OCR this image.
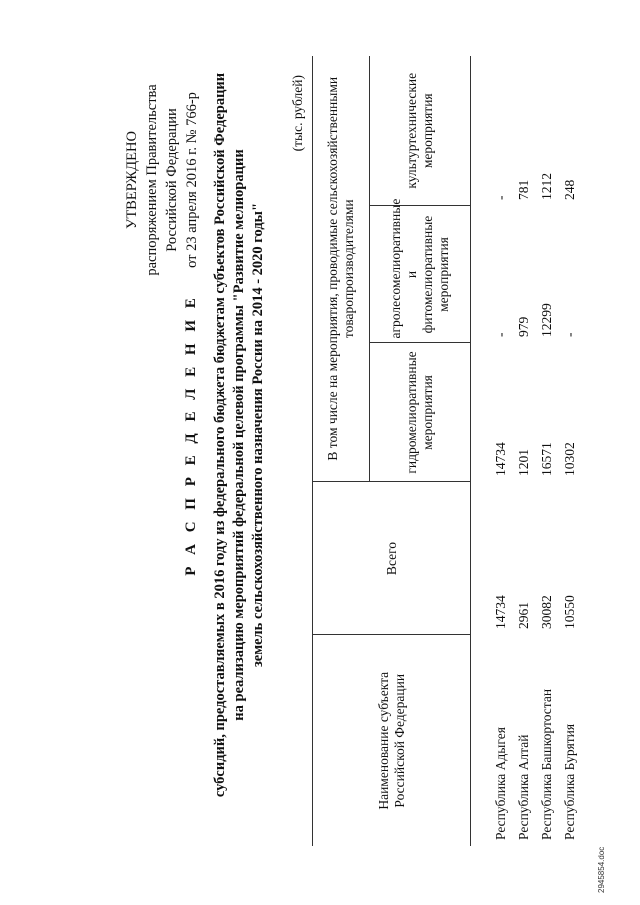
УТВЕРЖДЕНО распоряжением Правительства Российской Федерации от 23 апреля 2016 г. № 766-р
Р А С П Р Е Д Е Л Е Н И Е субсидий, предоставляемых в 2016 году из федерального бюджета бюджетам субъектов Российской Федерации на реализацию мероприятий федеральной целевой программы "Развитие мелиорации земель сельскохозяйственного назначения России на 2014 - 2020 годы"
(тыс. рублей)
Наименование субъекта Российской Федерации	Всего	В том числе на мероприятия, проводимые сельскохозяйственными товаропроизводителями		
		гидромелиоративные мероприятия	агролесомелиоративные и фитомелиоративные мероприятия	культуртехнические мероприятия

Республика Адыгея	14734	14734	-	-
Республика Алтай	2961	1201	979	781
Республика Башкортостан	30082	16571	12299	1212
Республика Бурятия	10550	10302	-	248
2945854.doc
